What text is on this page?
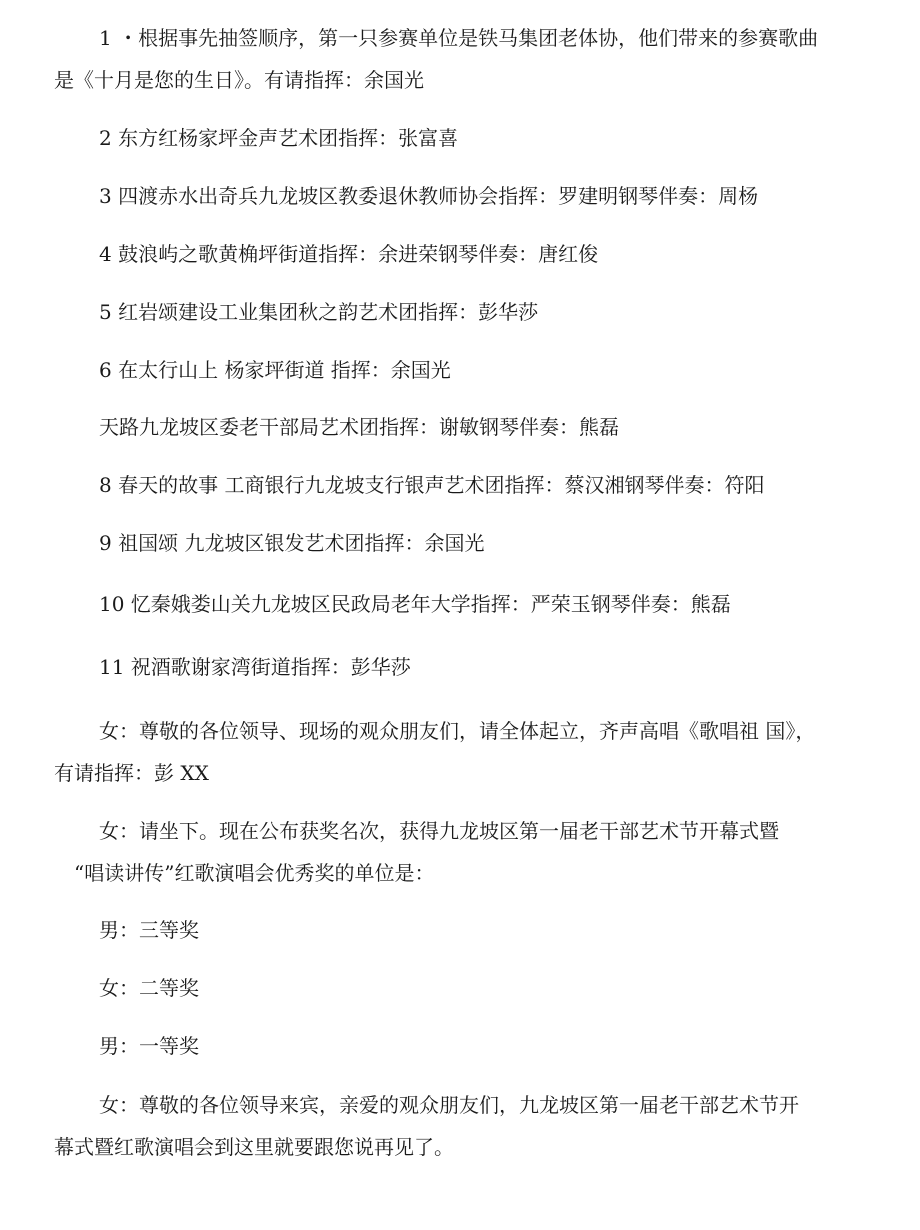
1 ・根据事先抽签顺序，第一只参赛单位是铁马集团老体协，他们带来的参赛歌曲
是《十月是您的生日》。有请指挥：余国光

2 东方红杨家坪金声艺术团指挥：张富喜

3 四渡赤水出奇兵九龙坡区教委退休教师协会指挥：罗建明钢琴伴奏：周杨

4 鼓浪屿之歌黄桷坪街道指挥：余进荣钢琴伴奏：唐红俊

5 红岩颂建设工业集团秋之韵艺术团指挥：彭华莎

6 在太行山上 杨家坪街道 指挥：余国光

天路九龙坡区委老干部局艺术团指挥：谢敏钢琴伴奏：熊磊

8 春天的故事 工商银行九龙坡支行银声艺术团指挥：蔡汉湘钢琴伴奏：符阳

9 祖国颂 九龙坡区银发艺术团指挥：余国光

10 忆秦娥娄山关九龙坡区民政局老年大学指挥：严荣玉钢琴伴奏：熊磊

11 祝酒歌谢家湾街道指挥：彭华莎

女：尊敬的各位领导、现场的观众朋友们，请全体起立，齐声高唱《歌唱祖 国》，
有请指挥：彭 XX

女：请坐下。现在公布获奖名次，获得九龙坡区第一届老干部艺术节开幕式暨
“唱读讲传”红歌演唱会优秀奖的单位是：

男：三等奖

女：二等奖

男：一等奖

女：尊敬的各位领导来宾，亲爱的观众朋友们，九龙坡区第一届老干部艺术节开
幕式暨红歌演唱会到这里就要跟您说再见了。
